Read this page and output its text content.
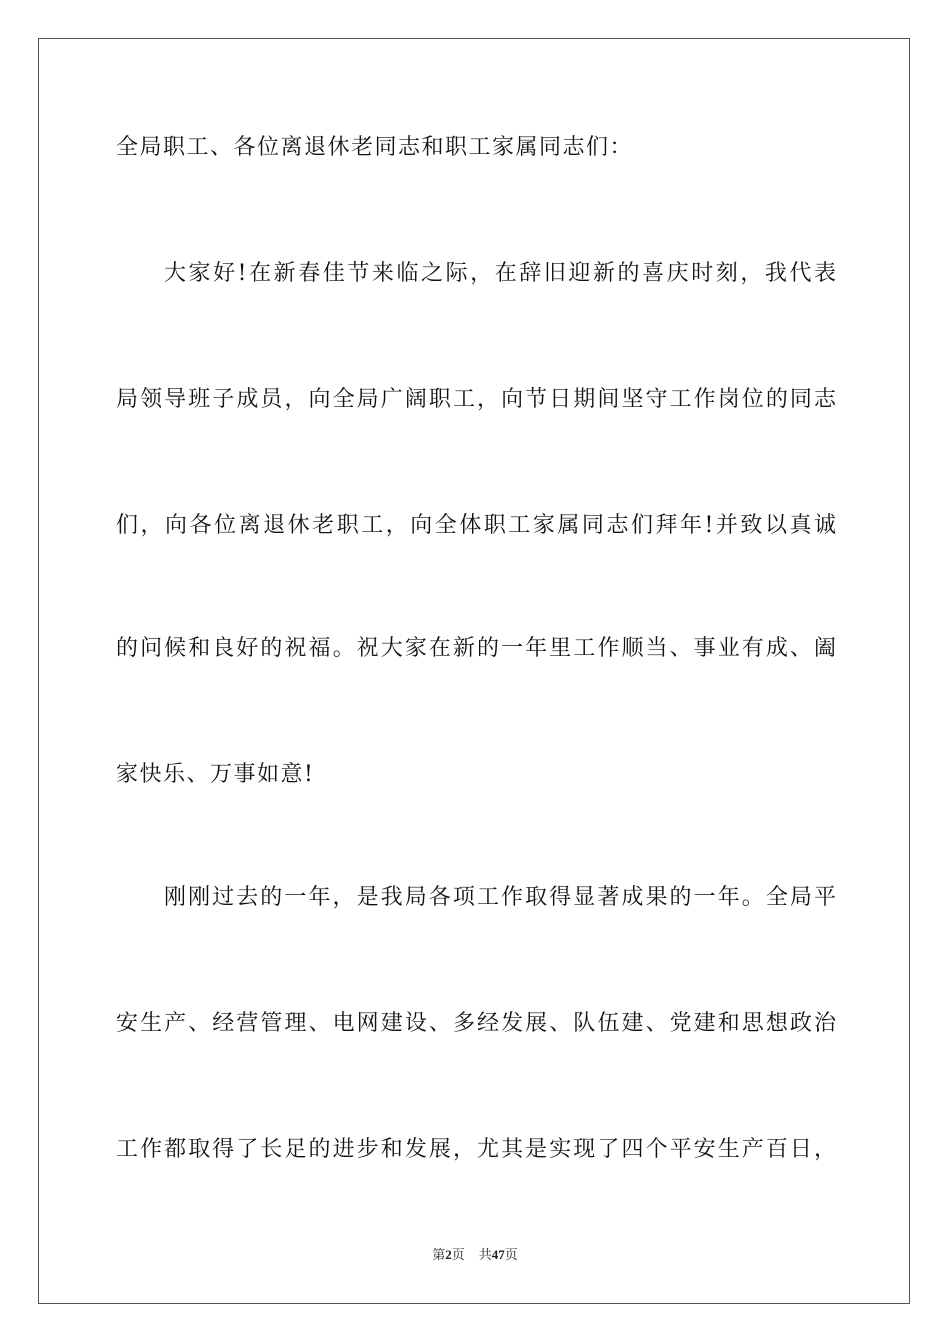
全局职工、各位离退休老同志和职工家属同志们：
大家好!在新春佳节来临之际，在辞旧迎新的喜庆时刻，我代表
局领导班子成员，向全局广阔职工，向节日期间坚守工作岗位的同志
们，向各位离退休老职工，向全体职工家属同志们拜年!并致以真诚
的问候和良好的祝福。祝大家在新的一年里工作顺当、事业有成、阖
家快乐、万事如意!
刚刚过去的一年，是我局各项工作取得显著成果的一年。全局平
安生产、经营管理、电网建设、多经发展、队伍建、党建和思想政治
工作都取得了长足的进步和发展，尤其是实现了四个平安生产百日，
第2页 共47页
